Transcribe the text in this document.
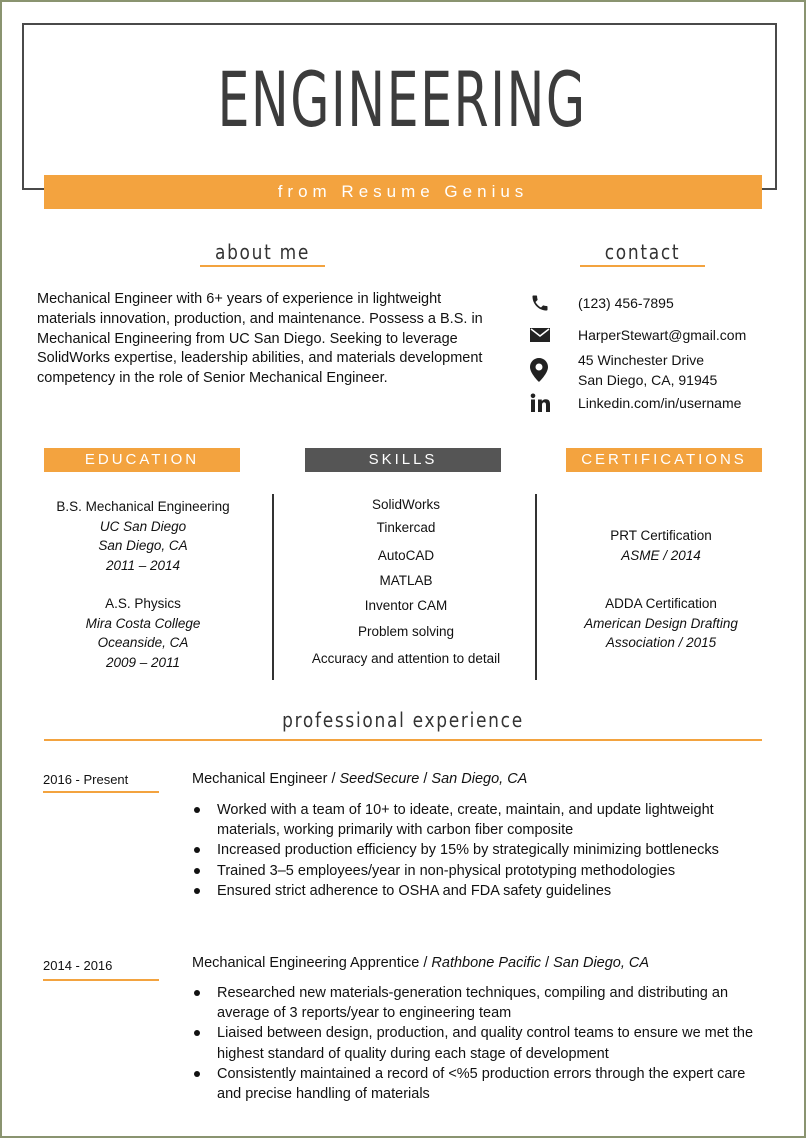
ENGINEERING
from Resume Genius
about me
Mechanical Engineer with 6+ years of experience in lightweight materials innovation, production, and maintenance. Possess a B.S. in Mechanical Engineering from UC San Diego. Seeking to leverage SolidWorks expertise, leadership abilities, and materials development competency in the role of Senior Mechanical Engineer.
contact
(123) 456-7895
HarperStewart@gmail.com
45 Winchester Drive
San Diego, CA, 91945
Linkedin.com/in/username
EDUCATION	SKILLS	CERTIFICATIONS
B.S. Mechanical Engineering
UC San Diego
San Diego, CA
2011 – 2014
A.S. Physics
Mira Costa College
Oceanside, CA
2009 – 2011
SolidWorks
Tinkercad
AutoCAD
MATLAB
Inventor CAM
Problem solving
Accuracy and attention to detail
PRT Certification
ASME / 2014
ADDA Certification
American Design Drafting
Association / 2015
professional experience
2016 - Present	Mechanical Engineer / SeedSecure / San Diego, CA
Worked with a team of 10+ to ideate, create, maintain, and update lightweight materials, working primarily with carbon fiber composite
Increased production efficiency by 15% by strategically minimizing bottlenecks
Trained 3–5 employees/year in non-physical prototyping methodologies
Ensured strict adherence to OSHA and FDA safety guidelines
2014 - 2016	Mechanical Engineering Apprentice / Rathbone Pacific / San Diego, CA
Researched new materials-generation techniques, compiling and distributing an average of 3 reports/year to engineering team
Liaised between design, production, and quality control teams to ensure we met the highest standard of quality during each stage of development
Consistently maintained a record of <%5 production errors through the expert care and precise handling of materials
